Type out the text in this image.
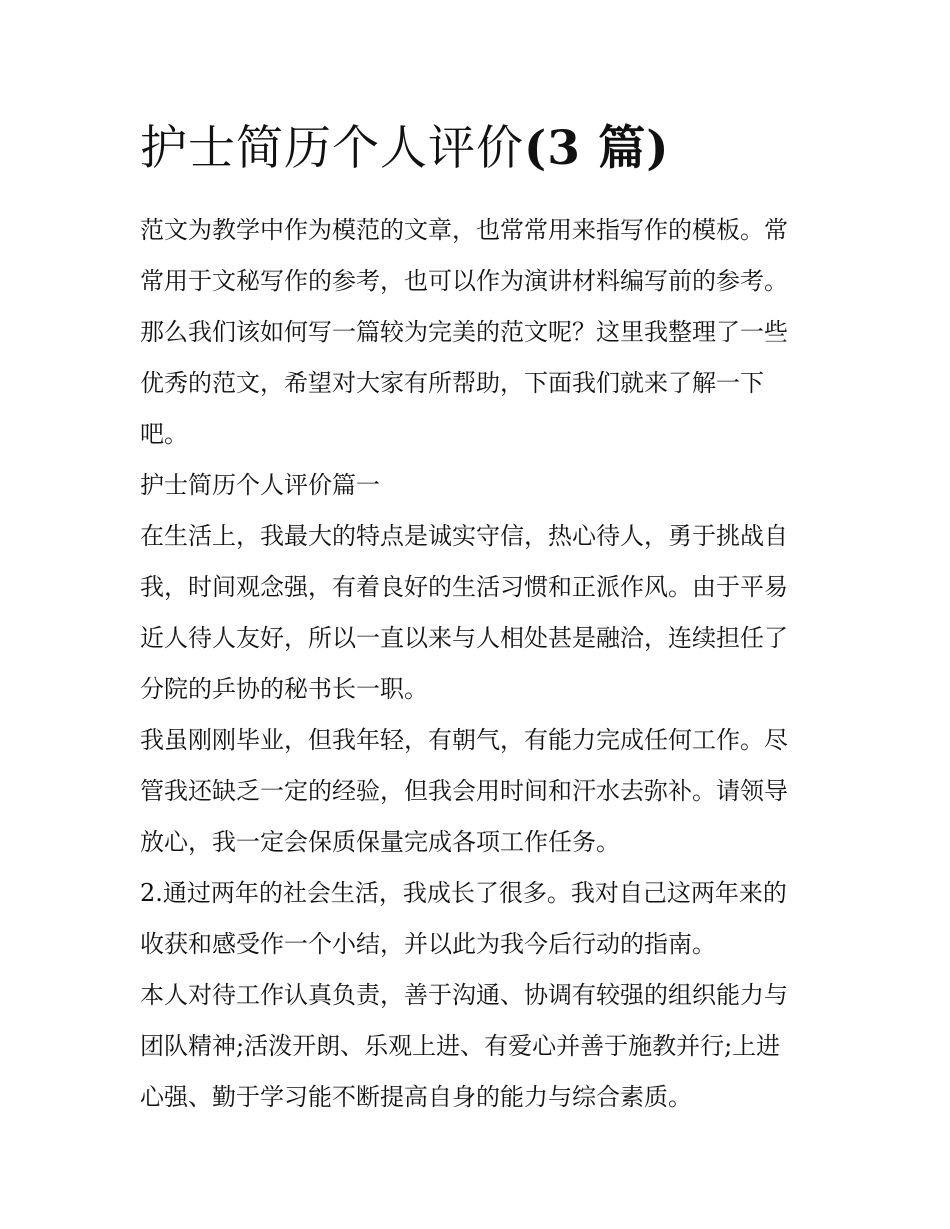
护士简历个人评价(3 篇)
范文为教学中作为模范的文章，也常常用来指写作的模板。常
常用于文秘写作的参考，也可以作为演讲材料编写前的参考。
那么我们该如何写一篇较为完美的范文呢？这里我整理了一些
优秀的范文，希望对大家有所帮助，下面我们就来了解一下
吧。
护士简历个人评价篇一
在生活上，我最大的特点是诚实守信，热心待人，勇于挑战自
我，时间观念强，有着良好的生活习惯和正派作风。由于平易
近人待人友好，所以一直以来与人相处甚是融洽，连续担任了
分院的乒协的秘书长一职。
我虽刚刚毕业，但我年轻，有朝气，有能力完成任何工作。尽
管我还缺乏一定的经验，但我会用时间和汗水去弥补。请领导
放心，我一定会保质保量完成各项工作任务。
2.通过两年的社会生活，我成长了很多。我对自己这两年来的
收获和感受作一个小结，并以此为我今后行动的指南。
本人对待工作认真负责，善于沟通、协调有较强的组织能力与
团队精神;活泼开朗、乐观上进、有爱心并善于施教并行;上进
心强、勤于学习能不断提高自身的能力与综合素质。
